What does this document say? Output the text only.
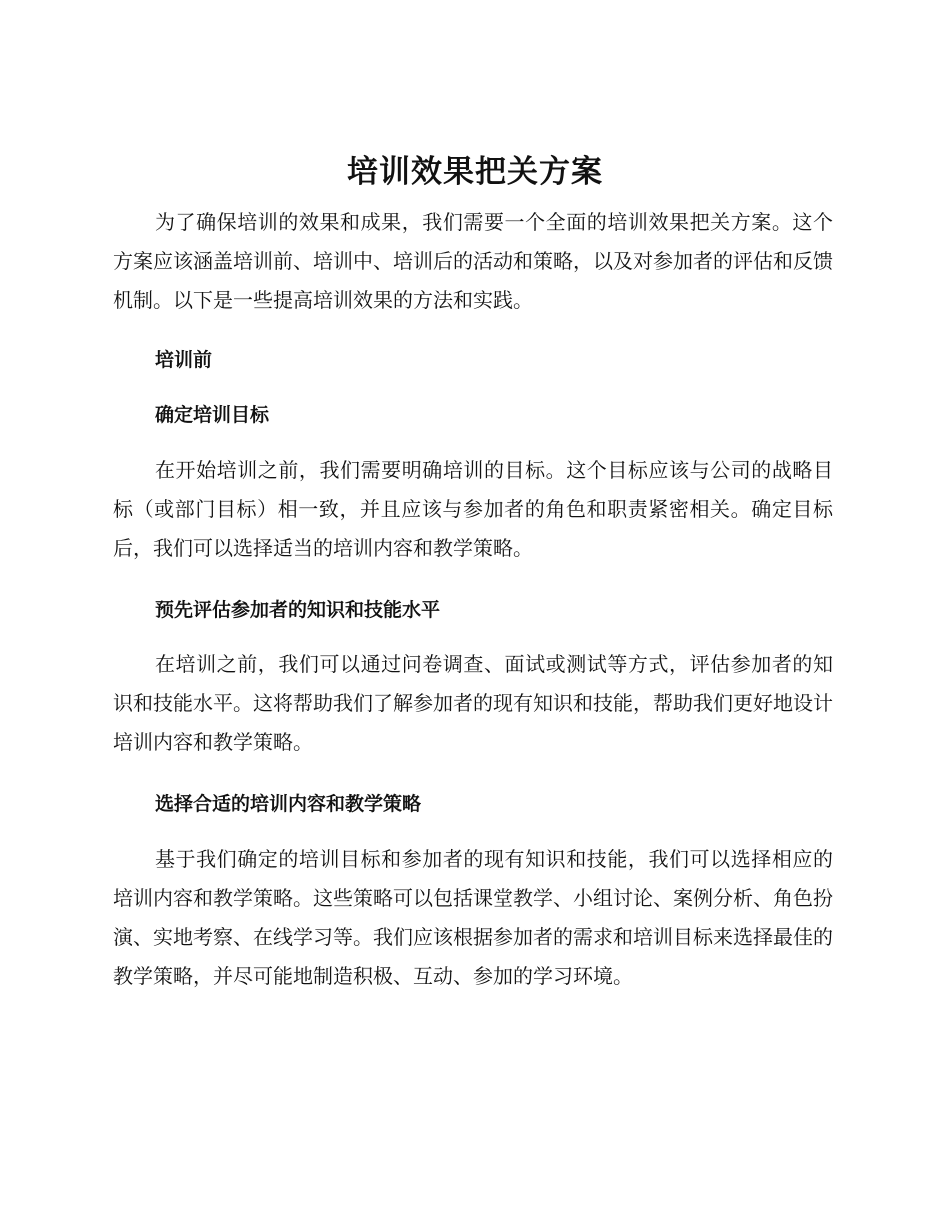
培训效果把关方案

为了确保培训的效果和成果，我们需要一个全面的培训效果把关方案。这个方案应该涵盖培训前、培训中、培训后的活动和策略，以及对参加者的评估和反馈机制。以下是一些提高培训效果的方法和实践。

培训前
确定培训目标

在开始培训之前，我们需要明确培训的目标。这个目标应该与公司的战略目标（或部门目标）相一致，并且应该与参加者的角色和职责紧密相关。确定目标后，我们可以选择适当的培训内容和教学策略。

预先评估参加者的知识和技能水平

在培训之前，我们可以通过问卷调查、面试或测试等方式，评估参加者的知识和技能水平。这将帮助我们了解参加者的现有知识和技能，帮助我们更好地设计培训内容和教学策略。

选择合适的培训内容和教学策略

基于我们确定的培训目标和参加者的现有知识和技能，我们可以选择相应的培训内容和教学策略。这些策略可以包括课堂教学、小组讨论、案例分析、角色扮演、实地考察、在线学习等。我们应该根据参加者的需求和培训目标来选择最佳的教学策略，并尽可能地制造积极、互动、参加的学习环境。
